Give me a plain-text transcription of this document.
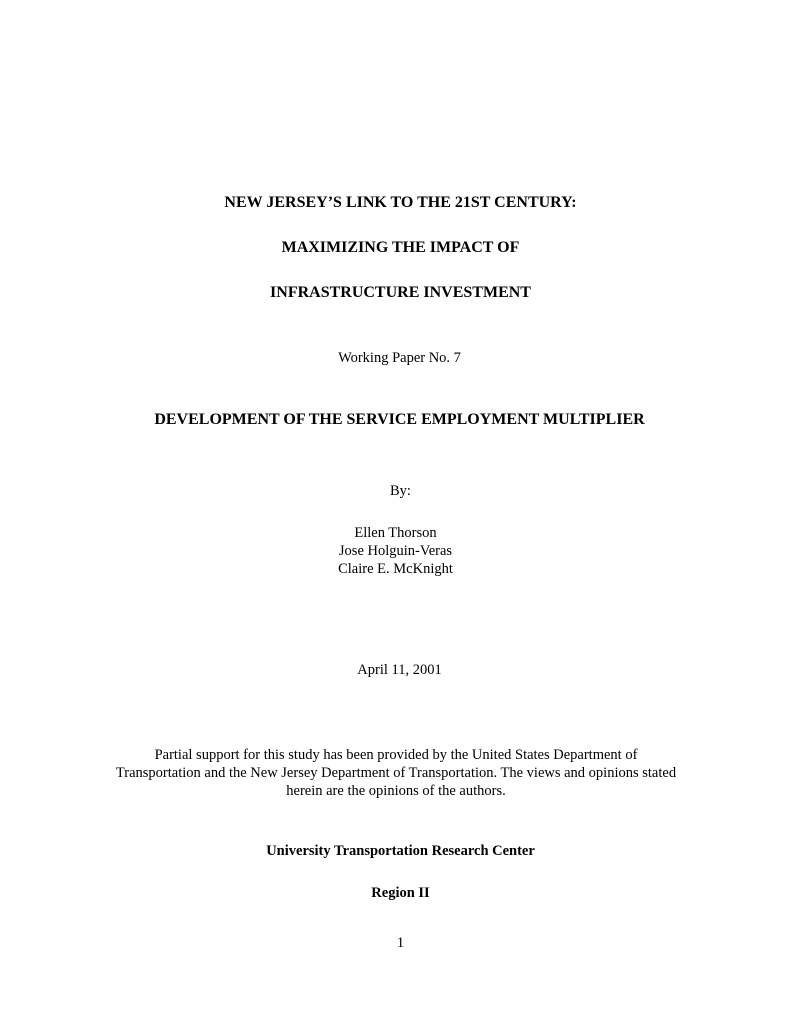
NEW JERSEY’S LINK TO THE 21ST CENTURY:
MAXIMIZING THE IMPACT OF
INFRASTRUCTURE INVESTMENT
Working Paper No. 7
DEVELOPMENT OF THE SERVICE EMPLOYMENT MULTIPLIER
By:
Ellen Thorson
Jose Holguin-Veras
Claire E. McKnight
April 11, 2001
Partial support for this study has been provided by the United States Department of
Transportation and the New Jersey Department of Transportation. The views and opinions stated
herein are the opinions of the authors.
University Transportation Research Center
Region II
1
